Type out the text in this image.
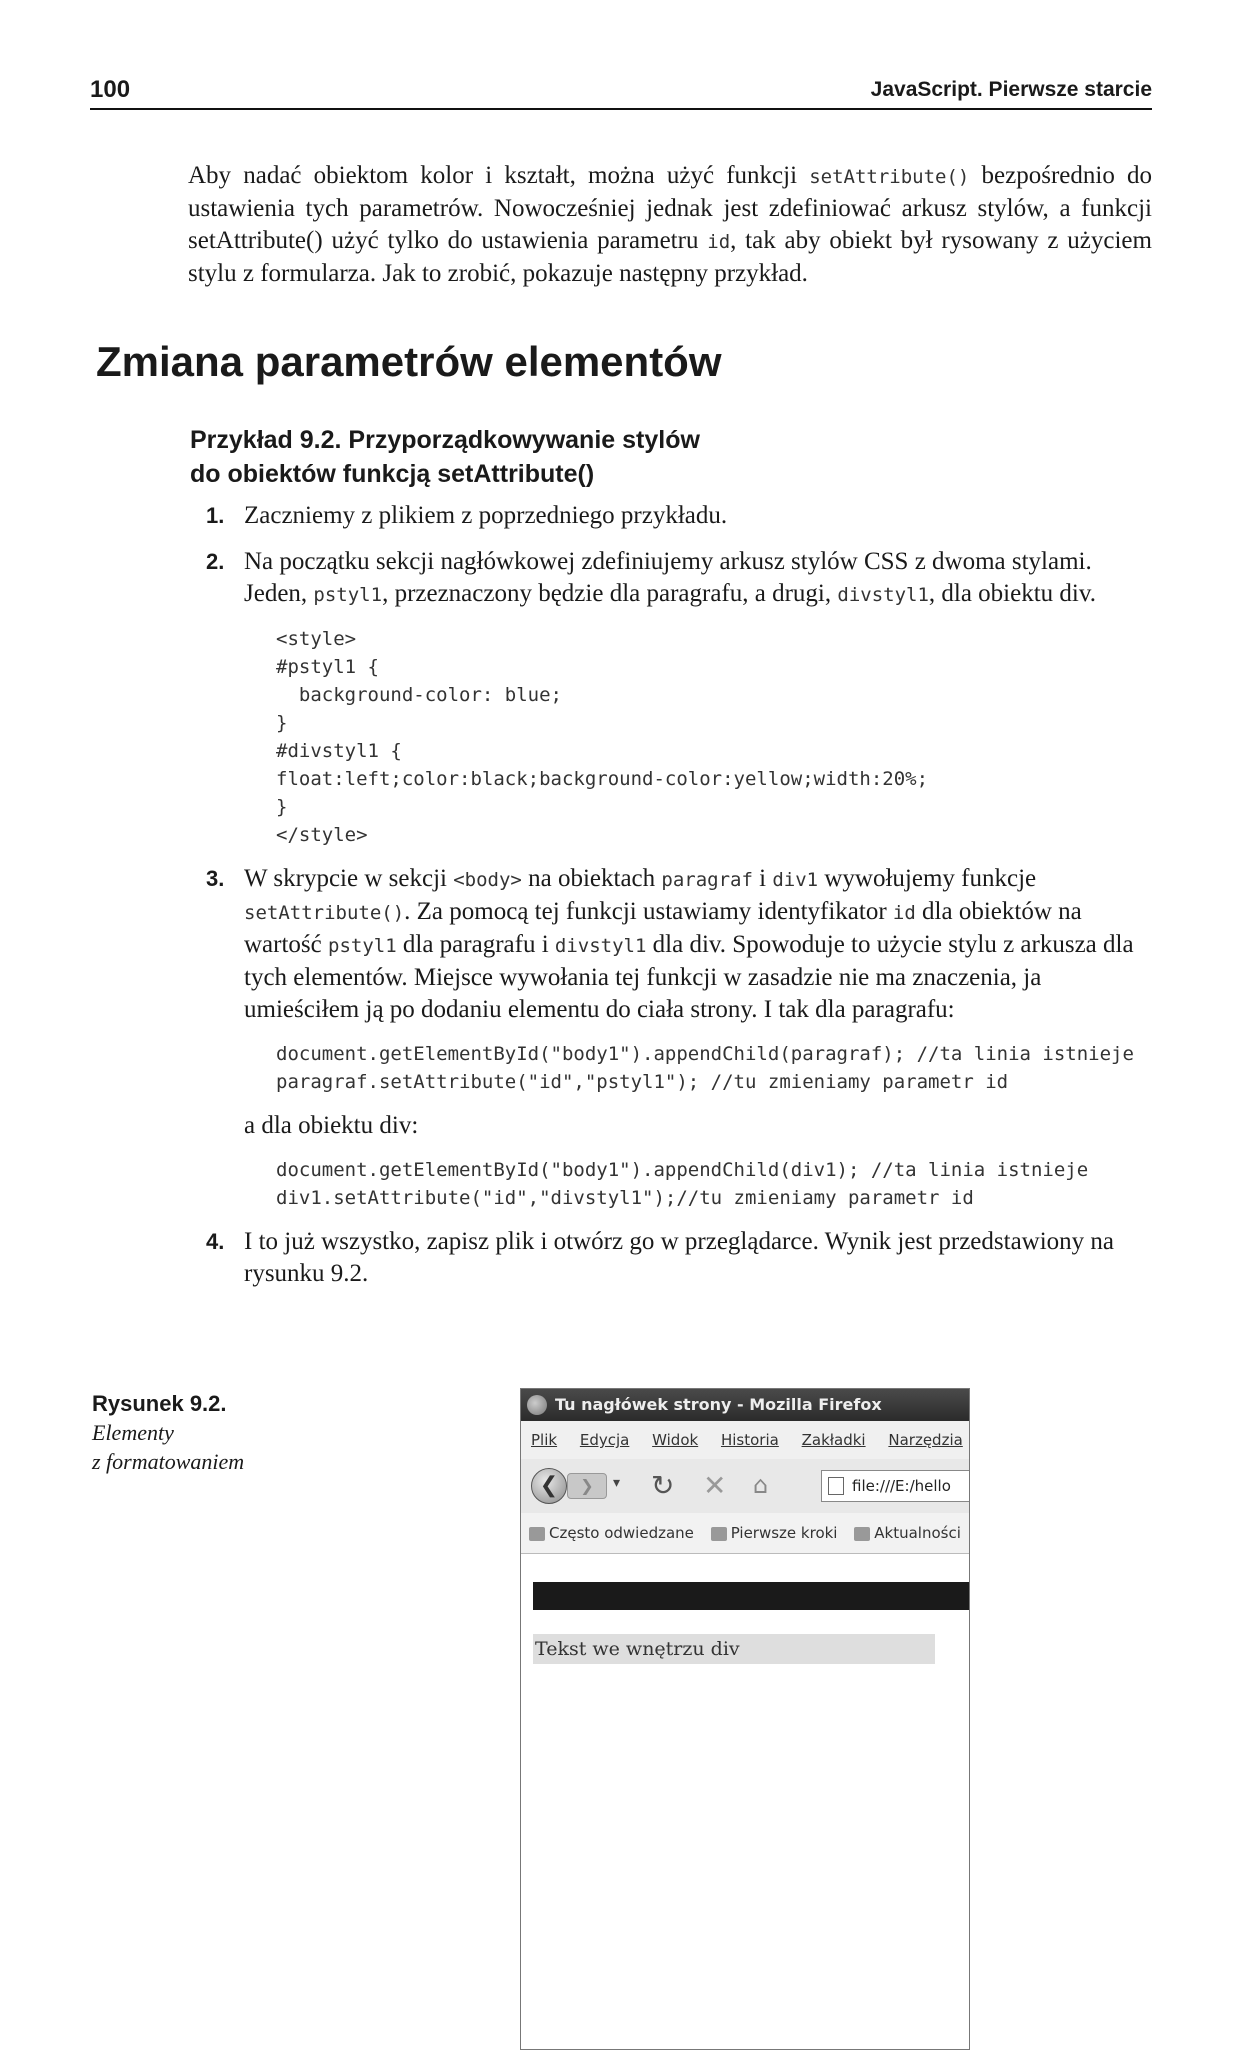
100	JavaScript. Pierwsze starcie

Aby nadać obiektom kolor i kształt, można użyć funkcji setAttribute() bezpośrednio do ustawienia tych parametrów. Nowocześniej jednak jest zdefiniować arkusz stylów, a funkcji setAttribute() użyć tylko do ustawienia parametru id, tak aby obiekt był rysowany z użyciem stylu z formularza. Jak to zrobić, pokazuje następny przykład.

Zmiana parametrów elementów
Przykład 9.2. Przyporządkowywanie stylów
do obiektów funkcją setAttribute()
1. Zaczniemy z plikiem z poprzedniego przykładu.
2. Na początku sekcji nagłówkowej zdefiniujemy arkusz stylów CSS z dwoma stylami. Jeden, pstyl1, przeznaczony będzie dla paragrafu, a drugi, divstyl1, dla obiektu div.
<style>
#pstyl1 {
background-color: blue;
}
#divstyl1 {
float:left;color:black;background-color:yellow;width:20%;
}
</style>
3. W skrypcie w sekcji <body> na obiektach paragraf i div1 wywołujemy funkcje setAttribute(). Za pomocą tej funkcji ustawiamy identyfikator id dla obiektów na wartość pstyl1 dla paragrafu i divstyl1 dla div. Spowoduje to użycie stylu z arkusza dla tych elementów. Miejsce wywołania tej funkcji w zasadzie nie ma znaczenia, ja umieściłem ją po dodaniu elementu do ciała strony. I tak dla paragrafu:
document.getElementById("body1").appendChild(paragraf); //ta linia istnieje
paragraf.setAttribute("id","pstyl1"); //tu zmieniamy parametr id
a dla obiektu div:
document.getElementById("body1").appendChild(div1); //ta linia istnieje
div1.setAttribute("id","divstyl1");//tu zmieniamy parametr id
4. I to już wszystko, zapisz plik i otwórz go w przeglądarce. Wynik jest przedstawiony na rysunku 9.2.
Rysunek 9.2.
Elementy
z formatowaniem
Tu nagłówek strony - Mozilla Firefox
Plik Edycja Widok Historia Zakładki Narzędzia
❮	❯	▾ ↻ ✕ ⌂	file:///E:/hello
Często odwiedzane Pierwsze kroki Aktualności
Tekst we wnętrzu div
